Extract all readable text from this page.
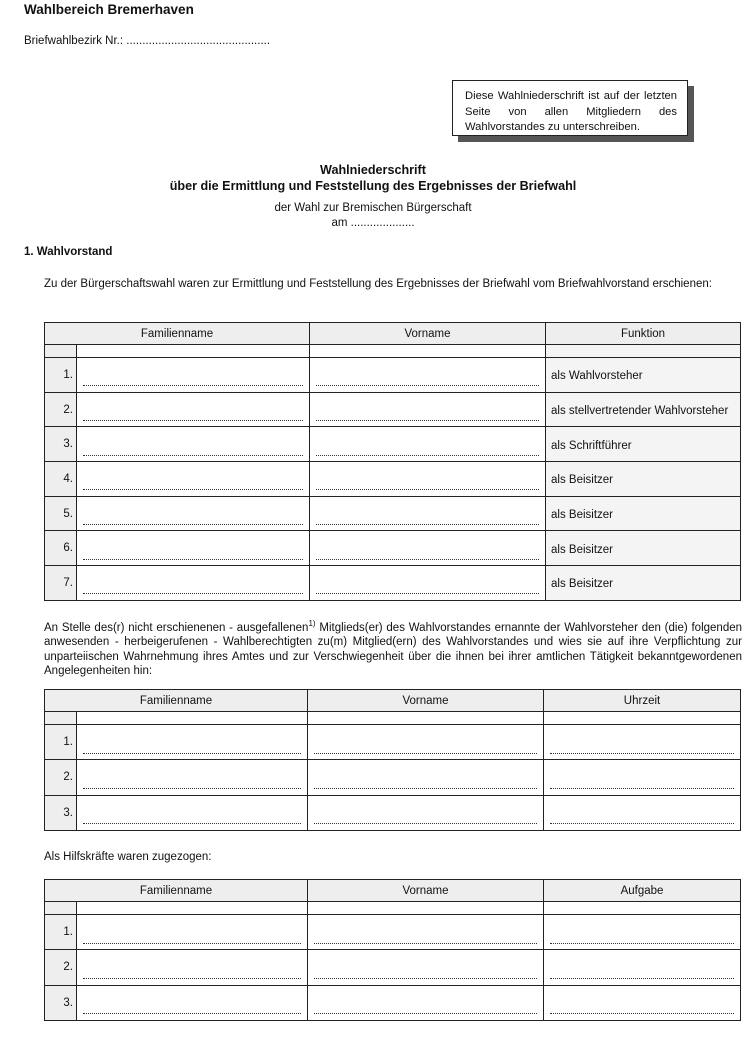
Wahlbereich Bremerhaven
Briefwahlbezirk Nr.: .............................................
Diese Wahlniederschrift ist auf der letzten Seite von allen Mitgliedern des Wahlvorstandes zu unterschreiben.
Wahlniederschrift
über die Ermittlung und Feststellung des Ergebnisses der Briefwahl
der Wahl zur Bremischen Bürgerschaft
am ....................
1. Wahlvorstand
Zu der Bürgerschaftswahl waren zur Ermittlung und Feststellung des Ergebnisses der Briefwahl vom Briefwahlvorstand erschienen:
Familienname		Vorname	Funktion

1.			als Wahlvorsteher
2.			als stellvertretender Wahlvorsteher
3.			als Schriftführer
4.			als Beisitzer
5.			als Beisitzer
6.			als Beisitzer
7.			als Beisitzer
An Stelle des(r) nicht erschienenen - ausgefallenen$^{1)}$ Mitglieds(er) des Wahlvorstandes ernannte der Wahlvorsteher den (die) folgenden anwesenden - herbeigerufenen - Wahlberechtigten zu(m) Mitglied(ern) des Wahlvorstandes und wies sie auf ihre Verpflichtung zur unparteiischen Wahrnehmung ihres Amtes und zur Verschwiegenheit über die ihnen bei ihrer amtlichen Tätigkeit bekanntgewordenen Angelegenheiten hin:
Familienname		Vorname	Uhrzeit

1.	

2.	

3.	

Als Hilfskräfte waren zugezogen:
Familienname		Vorname	Aufgabe

1.	

2.	

3.	
